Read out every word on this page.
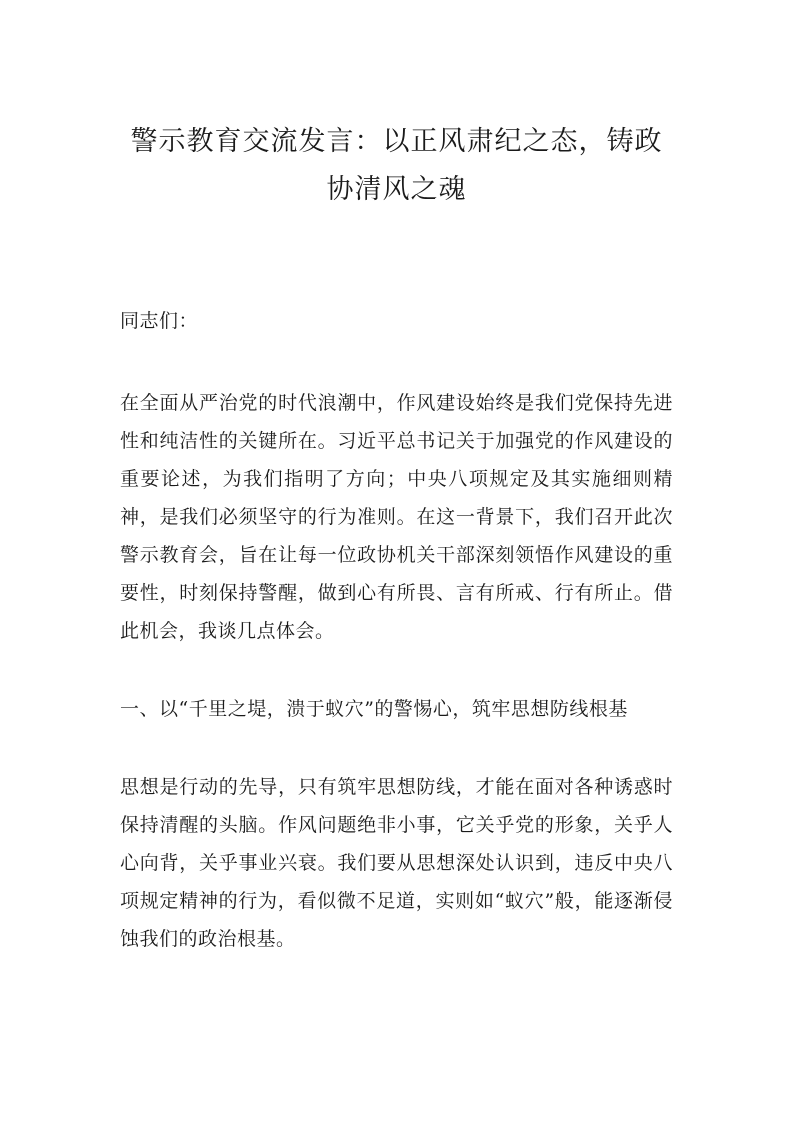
警示教育交流发言：以正风肃纪之态，铸政协清风之魂

同志们：

在全面从严治党的时代浪潮中，作风建设始终是我们党保持先进性和纯洁性的关键所在。习近平总书记关于加强党的作风建设的重要论述，为我们指明了方向；中央八项规定及其实施细则精神，是我们必须坚守的行为准则。在这一背景下，我们召开此次警示教育会，旨在让每一位政协机关干部深刻领悟作风建设的重要性，时刻保持警醒，做到心有所畏、言有所戒、行有所止。借此机会，我谈几点体会。

一、以“千里之堤，溃于蚁穴”的警惕心，筑牢思想防线根基

思想是行动的先导，只有筑牢思想防线，才能在面对各种诱惑时保持清醒的头脑。作风问题绝非小事，它关乎党的形象，关乎人心向背，关乎事业兴衰。我们要从思想深处认识到，违反中央八项规定精神的行为，看似微不足道，实则如“蚁穴”般，能逐渐侵蚀我们的政治根基。
